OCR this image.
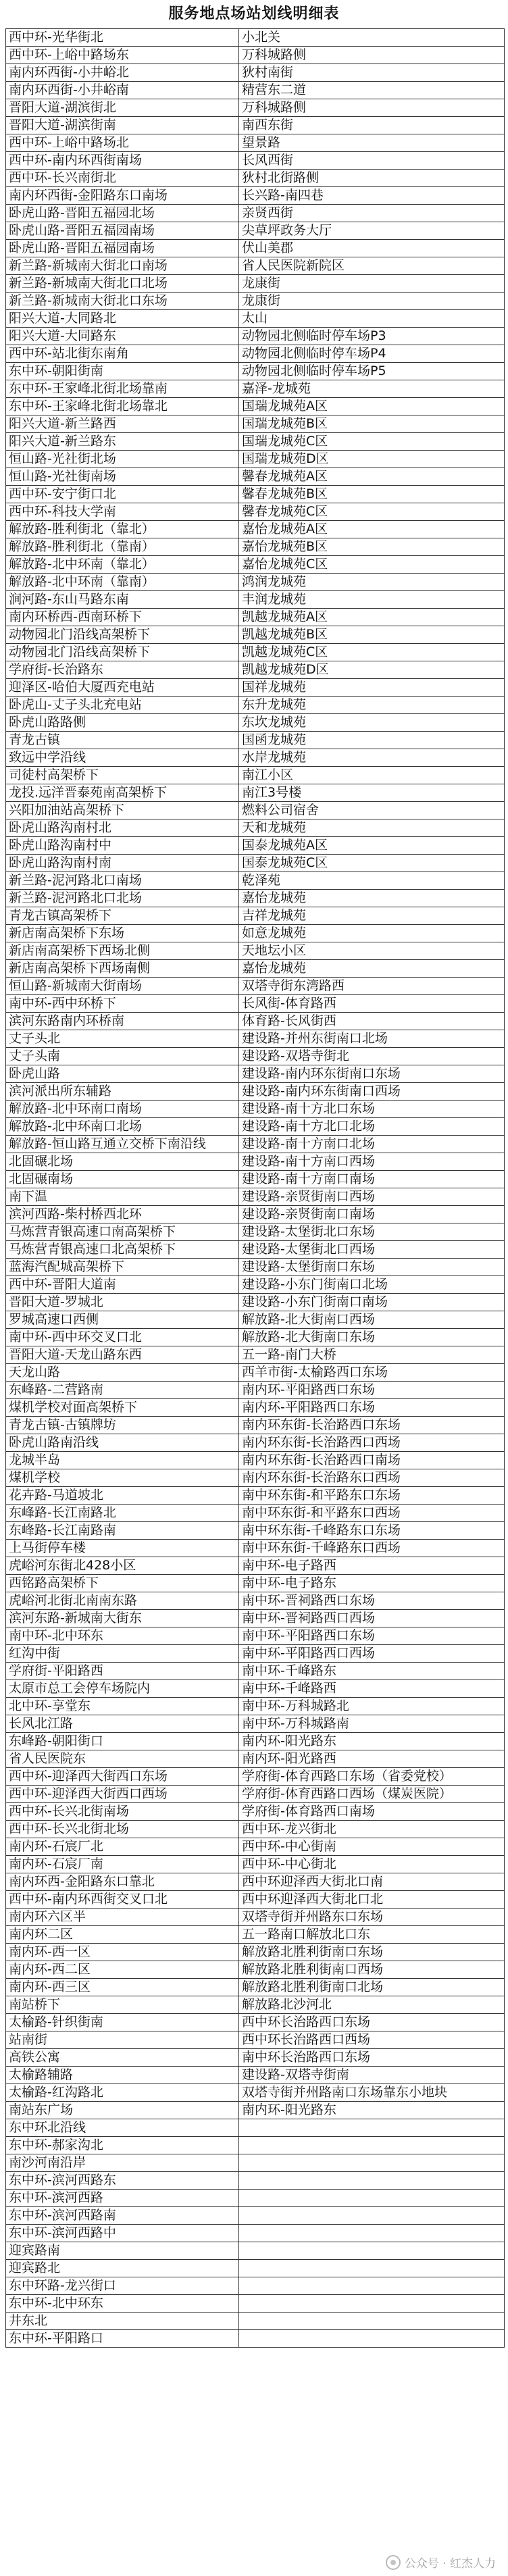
服务地点场站划线明细表
西中环-光华街北	小北关
西中环-上峪中路场东	万科城路侧
南内环西街-小井峪北	狄村南街
南内环西街-小井峪南	精营东二道
晋阳大道-湖滨街北	万科城路侧
晋阳大道-湖滨街南	南西东街
西中环-上峪中路场北	望景路
西中环-南内环西街南场	长风西街
西中环-长兴南街北	狄村北街路侧
南内环西街-金阳路东口南场	长兴路-南四巷
卧虎山路-晋阳五福园北场	亲贤西街
卧虎山路-晋阳五福园南场	尖草坪政务大厅
卧虎山路-晋阳五福园南场	伏山美郡
新兰路-新城南大街北口南场	省人民医院新院区
新兰路-新城南大街北口北场	龙康街
新兰路-新城南大街北口东场	龙康街
阳兴大道-大同路北	太山
阳兴大道-大同路东	动物园北侧临时停车场P3
西中环-站北街东南角	动物园北侧临时停车场P4
东中环-朝阳街南	动物园北侧临时停车场P5
东中环-王家峰北街北场靠南	嘉泽-龙城苑
东中环-王家峰北街北场靠北	国瑞龙城苑A区
阳兴大道-新兰路西	国瑞龙城苑B区
阳兴大道-新兰路东	国瑞龙城苑C区
恒山路-光社街北场	国瑞龙城苑D区
恒山路-光社街南场	馨春龙城苑A区
西中环-安宁街口北	馨春龙城苑B区
西中环-科技大学南	馨春龙城苑C区
解放路-胜利街北（靠北）	嘉怡龙城苑A区
解放路-胜利街北（靠南）	嘉怡龙城苑B区
解放路-北中环南（靠北）	嘉怡龙城苑C区
解放路-北中环南（靠南）	鸿润龙城苑
涧河路-东山马路东南	丰润龙城苑
南内环桥西-西南环桥下	凯越龙城苑A区
动物园北门沿线高架桥下	凯越龙城苑B区
动物园北门沿线高架桥下	凯越龙城苑C区
学府街-长治路东	凯越龙城苑D区
迎泽区-哈伯大厦西充电站	国祥龙城苑
卧虎山-丈子头北充电站	东升龙城苑
卧虎山路路侧	东坎龙城苑
青龙古镇	国函龙城苑
致远中学沿线	水岸龙城苑
司徒村高架桥下	南江小区
龙投.远洋晋泰苑南高架桥下	南江3号楼
兴阳加油站高架桥下	燃料公司宿舍
卧虎山路沟南村北	天和龙城苑
卧虎山路沟南村中	国泰龙城苑A区
卧虎山路沟南村南	国泰龙城苑C区
新兰路-泥河路北口南场	乾泽苑
新兰路-泥河路北口北场	嘉怡龙城苑
青龙古镇高架桥下	吉祥龙城苑
新店南高架桥下东场	如意龙城苑
新店南高架桥下西场北侧	天地坛小区
新店南高架桥下西场南侧	嘉怡龙城苑
恒山路-新城南大街南场	双塔寺街东湾路西
南中环-西中环桥下	长风街-体育路西
滨河东路南内环桥南	体育路-长风街西
丈子头北	建设路-并州东街南口北场
丈子头南	建设路-双塔寺街北
卧虎山路	建设路-南内环东街南口东场
滨河派出所东辅路	建设路-南内环东街南口西场
解放路-北中环南口南场	建设路-南十方北口东场
解放路-北中环南口北场	建设路-南十方北口北场
解放路-恒山路互通立交桥下南沿线	建设路-南十方南口北场
北固碾北场	建设路-南十方南口西场
北固碾南场	建设路-南十方南口南场
南下温	建设路-亲贤街南口西场
滨河西路-柴村桥西北环	建设路-亲贤街南口南场
马炼营青银高速口南高架桥下	建设路-太堡街北口东场
马炼营青银高速口北高架桥下	建设路-太堡街北口西场
蓝海汽配城高架桥下	建设路-太堡街南口东场
西中环-晋阳大道南	建设路-小东门街南口北场
晋阳大道-罗城北	建设路-小东门街南口南场
罗城高速口西侧	解放路-北大街南口西场
南中环-西中环交叉口北	解放路-北大街南口东场
晋阳大道-天龙山路东西	五一路-南门大桥
天龙山路	西羊市街-太榆路西口东场
东峰路-二营路南	南内环-平阳路西口东场
煤机学校对面高架桥下	南内环-平阳路西口东场
青龙古镇-古镇牌坊	南内环东街-长治路西口东场
卧虎山路南沿线	南内环东街-长治路西口西场
龙城半岛	南内环东街-长治路西口南场
煤机学校	南内环东街-长治路东口西场
花卉路-马道坡北	南中环东街-和平路东口东场
东峰路-长江南路北	南中环东街-和平路东口西场
东峰路-长江南路南	南中环东街-千峰路东口东场
上马街停车楼	南中环东街-千峰路东口西场
虎峪河东街北428小区	南中环-电子路西
西铭路高架桥下	南中环-电子路东
虎峪河北街北南南东路	南中环-晋祠路西口东场
滨河东路-新城南大街东	南中环-晋祠路西口西场
南中环-北中环东	南中环-平阳路西口东场
红沟中街	南中环-平阳路西口西场
学府街-平阳路西	南中环-千峰路东
太原市总工会停车场院内	南中环-千峰路西
北中环-享堂东	南中环-万科城路北
长风北江路	南中环-万科城路南
东峰路-朝阳街口	南内环-阳光路东
省人民医院东	南内环-阳光路西
西中环-迎泽西大街西口东场	学府街-体育西路口东场（省委党校）
西中环-迎泽西大街西口西场	学府街-体育西路口西场（煤炭医院）
西中环-长兴北街南场	学府街-体育路西口南场
西中环-长兴北街北场	西中环-龙兴街北
南内环-石宸厂北	西中环-中心街南
南内环-石宸厂南	西中环-中心街北
南内环西-金阳路东口靠北	西中环迎泽西大街北口南
西中环-南内环西街交叉口北	西中环迎泽西大街北口北
南内环六区半	双塔寺街并州路东口东场
南内环二区	五一路南口解放北口东
南内环-西一区	解放路北胜利街南口东场
南内环-西二区	解放路北胜利街南口西场
南内环-西三区	解放路北胜利街南口北场
南站桥下	解放路北沙河北
太榆路-针织街南	西中环长治路西口东场
站南街	西中环长治路西口西场
高铁公寓	南中环长治路西口东场
太榆路辅路	建设路-双塔寺街南
太榆路-红沟路北	双塔寺街并州路南口东场靠东小地块
南站东广场	南内环-阳光路东
东中环北沿线	
东中环-郝家沟北	
南沙河南沿岸	
东中环-滨河西路东	
东中环-滨河西路	
东中环-滨河西路南	
东中环-滨河西路中	
迎宾路南	
迎宾路北	
东中环路-龙兴街口	
东中环-北中环东	
井东北	
东中环-平阳路口	
公众号 · 红杰人力
